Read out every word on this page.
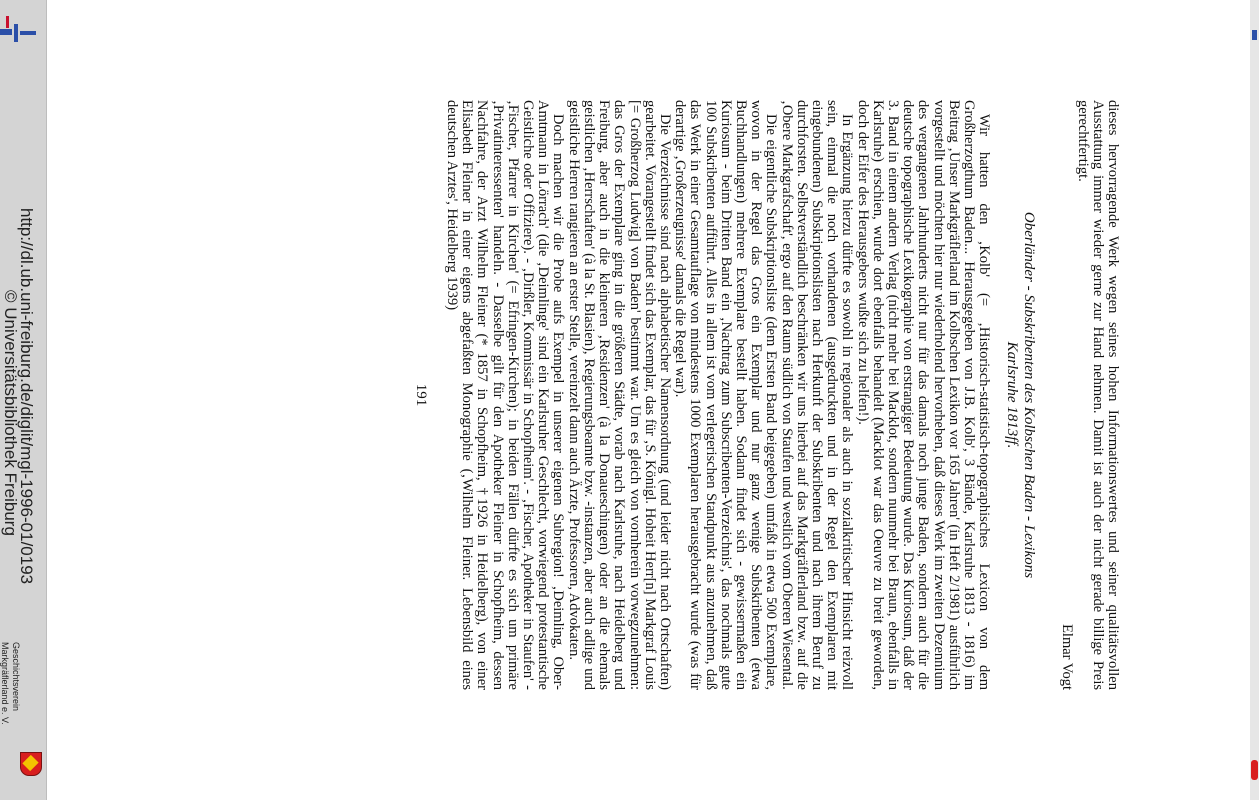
http://dl.ub.uni-freiburg.de/diglit/mgl-1996-01/0193
© Universitätsbibliothek Freiburg
Geschichtsverein
Markgräflerland e. V.	dieses hervorragende Werk wegen seines hohen Informationswertes und seiner qualitätsvollen Ausstattung immer wieder gerne zur Hand nehmen. Damit ist auch der nicht gerade billige Preis gerechtfertigt.

Elmar Vogt

Oberländer - Subskribenten des Kolbschen Baden - Lexikons
Karlsruhe 1813ff.

Wir hatten den ‚Kolb' (= ‚Historisch-statistisch-topographisches Lexicon von dem Großherzogthum Baden... Herausgegeben von J.B. Kolb', 3 Bände, Karlsruhe 1813 - 1816) im Beitrag ‚Unser Markgräflerland im Kolbschen Lexikon vor 165 Jahren' (in Heft 2/1981) ausführlich vorgestellt und möchten hier nur wiederholend hervorheben, daß dieses Werk im zweiten Dezennium des vergangenen Jahrhunderts nicht nur für das damals noch junge Baden, sondern auch für die deutsche topographische Lexikographie von erstrangiger Bedeutung wurde. Das Kuriosum, daß der 3. Band in einem andern Verlag (nicht mehr bei Macklot, sondern nunmehr bei Braun, ebenfalls in Karlsruhe) erschien, wurde dort ebenfalls behandelt (Macklot war das Oeuvre zu breit geworden, doch der Eifer des Herausgebers wußte sich zu helfen!).

In Ergänzung hierzu dürfte es sowohl in regionaler als auch in sozialkritischer Hinsicht reizvoll sein, einmal die noch vorhandenen (ausgedruckten und in der Regel den Exemplaren mit eingebundenen) Subskriptionslisten nach Herkunft der Subskribenten und nach ihrem Beruf zu durchforsten. Selbstverständlich beschränken wir uns hierbei auf das Markgräflerland bzw. auf die ‚Obere Markgrafschaft', ergo auf den Raum südlich von Staufen und westlich vom Oberen Wiesental.

Die eigentliche Subskriptionsliste (dem Ersten Band beigegeben) umfaßt in etwa 500 Exemplare, wovon in der Regel das Gros ein Exemplar und nur ganz wenige Subskribenten (etwa Buchhandlungen) mehrere Exemplare bestellt haben. Sodann findet sich - gewissermaßen ein Kuriosum - beim Dritten Band ein ‚Nachtrag zum Subscribenten-Verzeichnis', das nochmals gute 100 Subskribenten aufführt. Alles in allem ist vom verlegerischen Standpunkt aus anzunehmen, daß das Werk in einer Gesamtauflage von mindestens 1000 Exemplaren herausgebracht wurde (was für derartige ‚Großerzeugnisse' damals die Regel war).

Die Verzeichnisse sind nach alphabetischer Namensordnung (und leider nicht nach Ortschaften) gearbeitet. Vorangestellt findet sich das Exemplar, das für ‚S. Königl. Hoheit Herr[n] Markgraf Louis [= Großherzog Ludwig] von Baden' bestimmt war. Um es gleich von vornherein vorwegzunehmen: das Gros der Exemplare ging in die größeren Städte, vorab nach Karlsruhe, nach Heidelberg und Freiburg, aber auch in die kleineren ‚Residenzen' (à la Donaueschingen) oder an die ehemals geistlichen ‚Herrschaften' (à la St. Blasien), Regierungsbeamte bzw. -instanzen, aber auch adlige und geistliche Herren rangieren an erster Stelle, vereinzelt dann auch Ärzte, Professoren, Advokaten.

Doch machen wir die Probe aufs Exempel in unserer eigenen Subregion! ‚Deimling, Ober-Amtmann in Lörrach' (die ‚Deimlinge' sind ein Karlsruher Geschlecht, vorwiegend protestantische Geistliche oder Offiziere). - ‚Dirßler, Kommissär in Schopfheim'. - ‚Fischer, Apotheker in Staufen' - ‚Fischer, Pfarrer in Kirchen' (= Efringen-Kirchen); in beiden Fällen dürfte es sich um primäre ‚Privatinteressenten' handeln. - Dasselbe gilt für den Apotheker Fleiner in Schopfheim, dessen Nachfahre, der Arzt Wilhelm Fleiner (* 1857 in Schopfheim, †1926 in Heidelberg), von einer Elisabeth Fleiner in einer eigens abgefaßten Monographie (‚Wilhelm Fleiner. Lebensbild eines deutschen Arztes', Heidelberg 1939)

191
